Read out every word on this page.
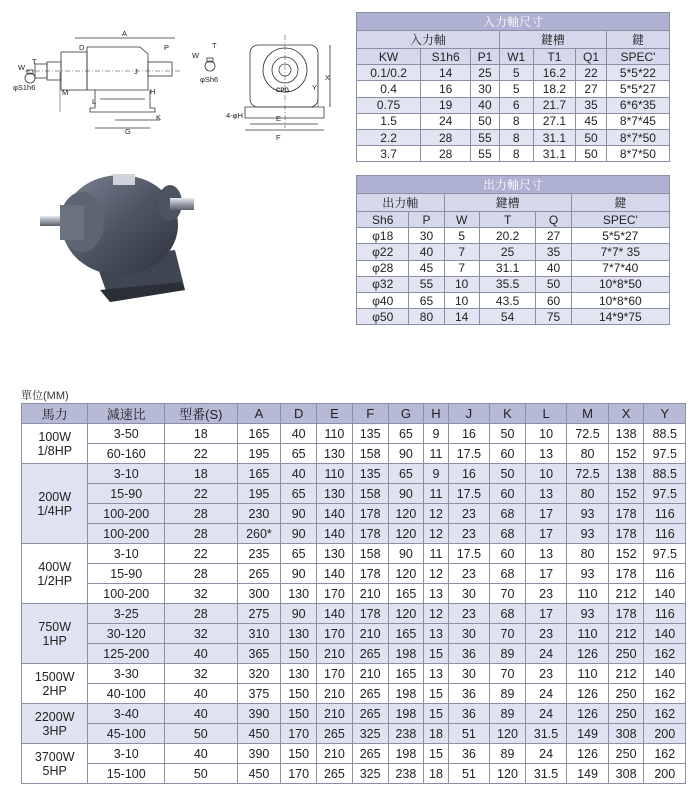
A
D	P
T
J
H
M
L
G
K
W
φS1h6
W
T
φSh6	X
Y
E
F
4-φH
CPG
入力軸尺寸						
入力軸			鍵槽			鍵
KW	S1h6	P1	W1	T1	Q1	SPEC'
0.1/0.2	14	25	5	16.2	22	5*5*22
0.4	16	30	5	18.2	27	5*5*27
0.75	19	40	6	21.7	35	6*6*35
1.5	24	50	8	27.1	45	8*7*45
2.2	28	55	8	31.1	50	8*7*50
3.7	28	55	8	31.1	50	8*7*50
出力軸尺寸					
出力軸		鍵槽			鍵
Sh6	P	W	T	Q	SPEC'
φ18	30	5	20.2	27	5*5*27
φ22	40	7	25	35	7*7* 35
φ28	45	7	31.1	40	7*7*40
φ32	55	10	35.5	50	10*8*50
φ40	65	10	43.5	60	10*8*60
φ50	80	14	54	75	14*9*75
單位(MM)
馬力	減速比	型番(S)	A	D	E	F	G	H	J	K	L	M	X	Y

100W
1/8HP	3-50	18	165	40	110	135	65	9	16	50	10	72.5	138	88.5
	60-160	22	195	65	130	158	90	11	17.5	60	13	80	152	97.5

200W
1/4HP	3-10	18	165	40	110	135	65	9	16	50	10	72.5	138	88.5
	15-90	22	195	65	130	158	90	11	17.5	60	13	80	152	97.5
	100-200	28	230	90	140	178	120	12	23	68	17	93	178	116
	100-200	28	260*	90	140	178	120	12	23	68	17	93	178	116

400W
1/2HP	3-10	22	235	65	130	158	90	11	17.5	60	13	80	152	97.5
	15-90	28	265	90	140	178	120	12	23	68	17	93	178	116
	100-200	32	300	130	170	210	165	13	30	70	23	110	212	140

750W
1HP	3-25	28	275	90	140	178	120	12	23	68	17	93	178	116
	30-120	32	310	130	170	210	165	13	30	70	23	110	212	140
	125-200	40	365	150	210	265	198	15	36	89	24	126	250	162

1500W
2HP	3-30	32	320	130	170	210	165	13	30	70	23	110	212	140
	40-100	40	375	150	210	265	198	15	36	89	24	126	250	162

2200W
3HP	3-40	40	390	150	210	265	198	15	36	89	24	126	250	162
	45-100	50	450	170	265	325	238	18	51	120	31.5	149	308	200

3700W
5HP	3-10	40	390	150	210	265	198	15	36	89	24	126	250	162
	15-100	50	450	170	265	325	238	18	51	120	31.5	149	308	200
